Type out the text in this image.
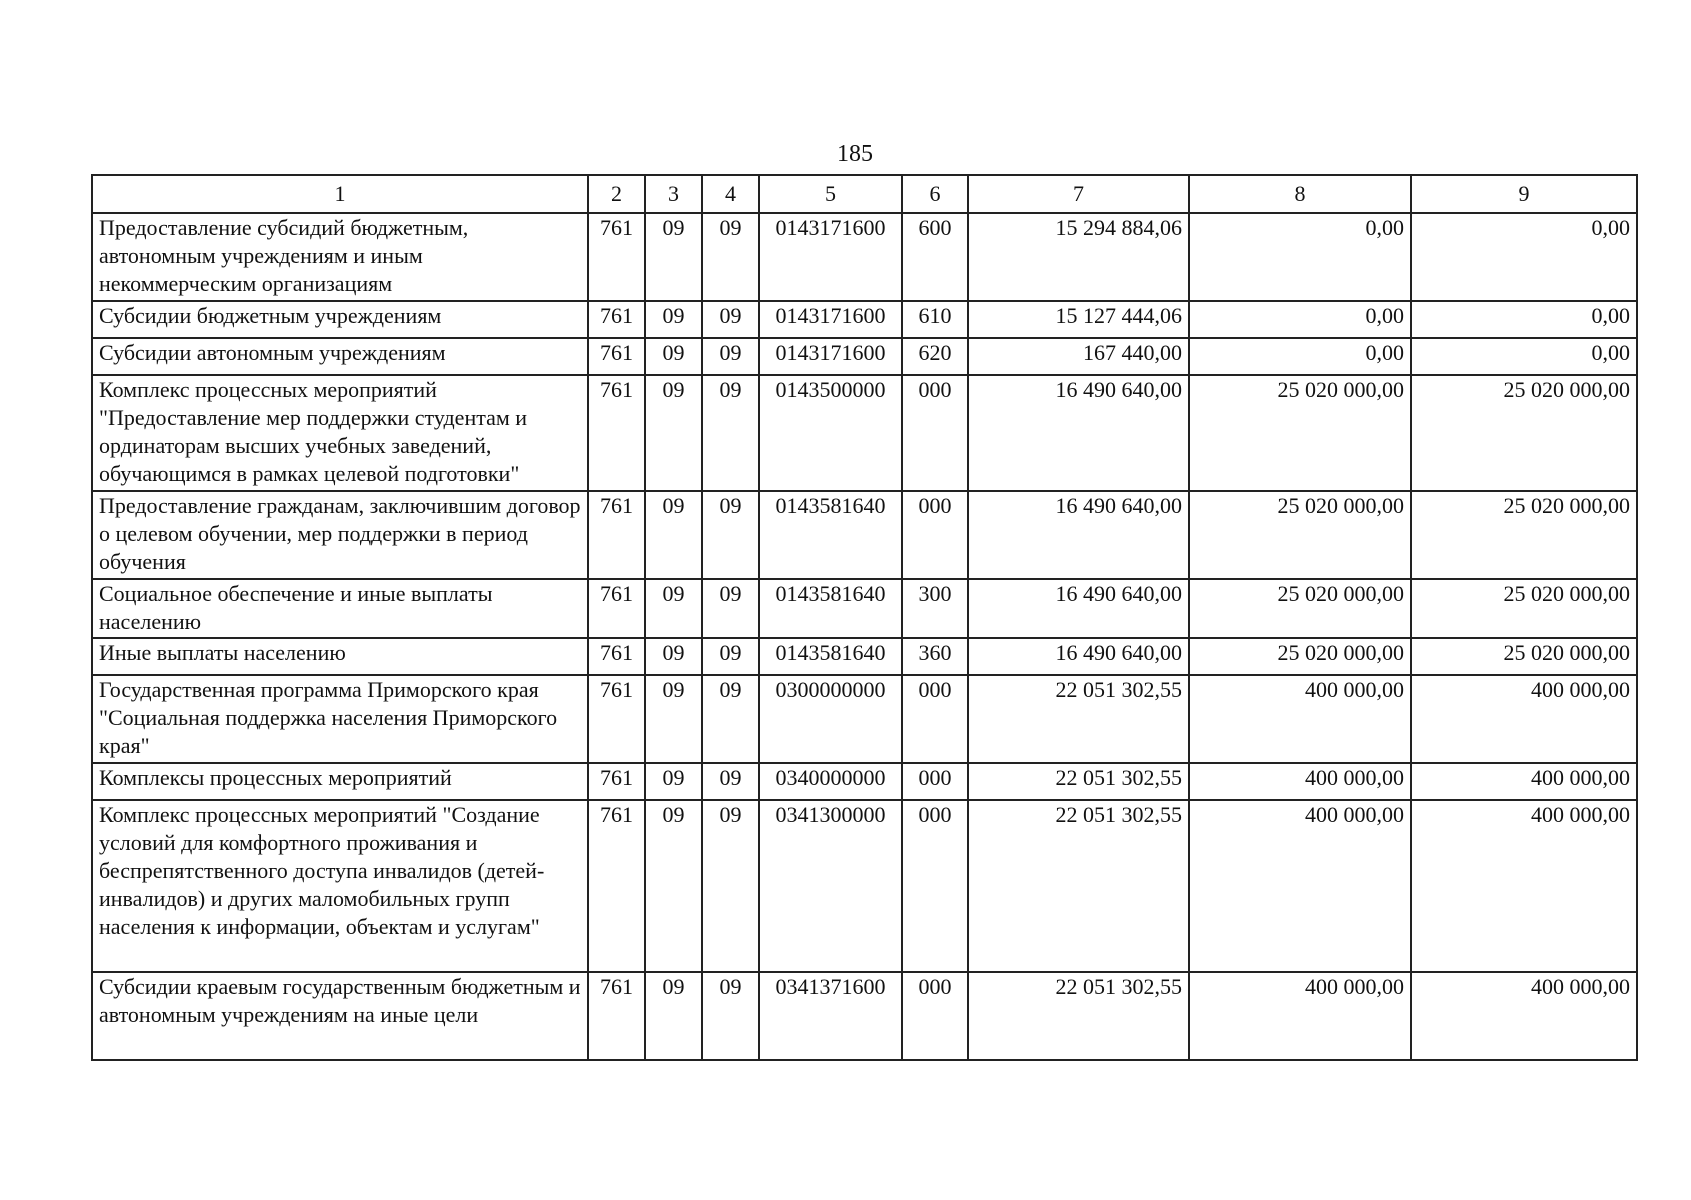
185
1	2	3	4	5	6	7	8	9
Предоставление субсидий бюджетным, автономным учреждениям и иным некоммерческим организациям	761	09	09	0143171600	600	15 294 884,06	0,00	0,00
Субсидии бюджетным учреждениям	761	09	09	0143171600	610	15 127 444,06	0,00	0,00
Субсидии автономным учреждениям	761	09	09	0143171600	620	167 440,00	0,00	0,00
Комплекс процессных мероприятий "Предоставление мер поддержки студентам и ординаторам высших учебных заведений, обучающимся в рамках целевой подготовки"	761	09	09	0143500000	000	16 490 640,00	25 020 000,00	25 020 000,00
Предоставление гражданам, заключившим договор о целевом обучении, мер поддержки в период обучения	761	09	09	0143581640	000	16 490 640,00	25 020 000,00	25 020 000,00
Социальное обеспечение и иные выплаты населению	761	09	09	0143581640	300	16 490 640,00	25 020 000,00	25 020 000,00
Иные выплаты населению	761	09	09	0143581640	360	16 490 640,00	25 020 000,00	25 020 000,00
Государственная программа Приморского края "Социальная поддержка населения Приморского края"	761	09	09	0300000000	000	22 051 302,55	400 000,00	400 000,00
Комплексы процессных мероприятий	761	09	09	0340000000	000	22 051 302,55	400 000,00	400 000,00
Комплекс процессных мероприятий "Создание условий для комфортного проживания и беспрепятственного доступа инвалидов (детей-инвалидов) и других маломобильных групп населения к информации, объектам и услугам"	761	09	09	0341300000	000	22 051 302,55	400 000,00	400 000,00
Субсидии краевым государственным бюджетным и автономным учреждениям на иные цели	761	09	09	0341371600	000	22 051 302,55	400 000,00	400 000,00
